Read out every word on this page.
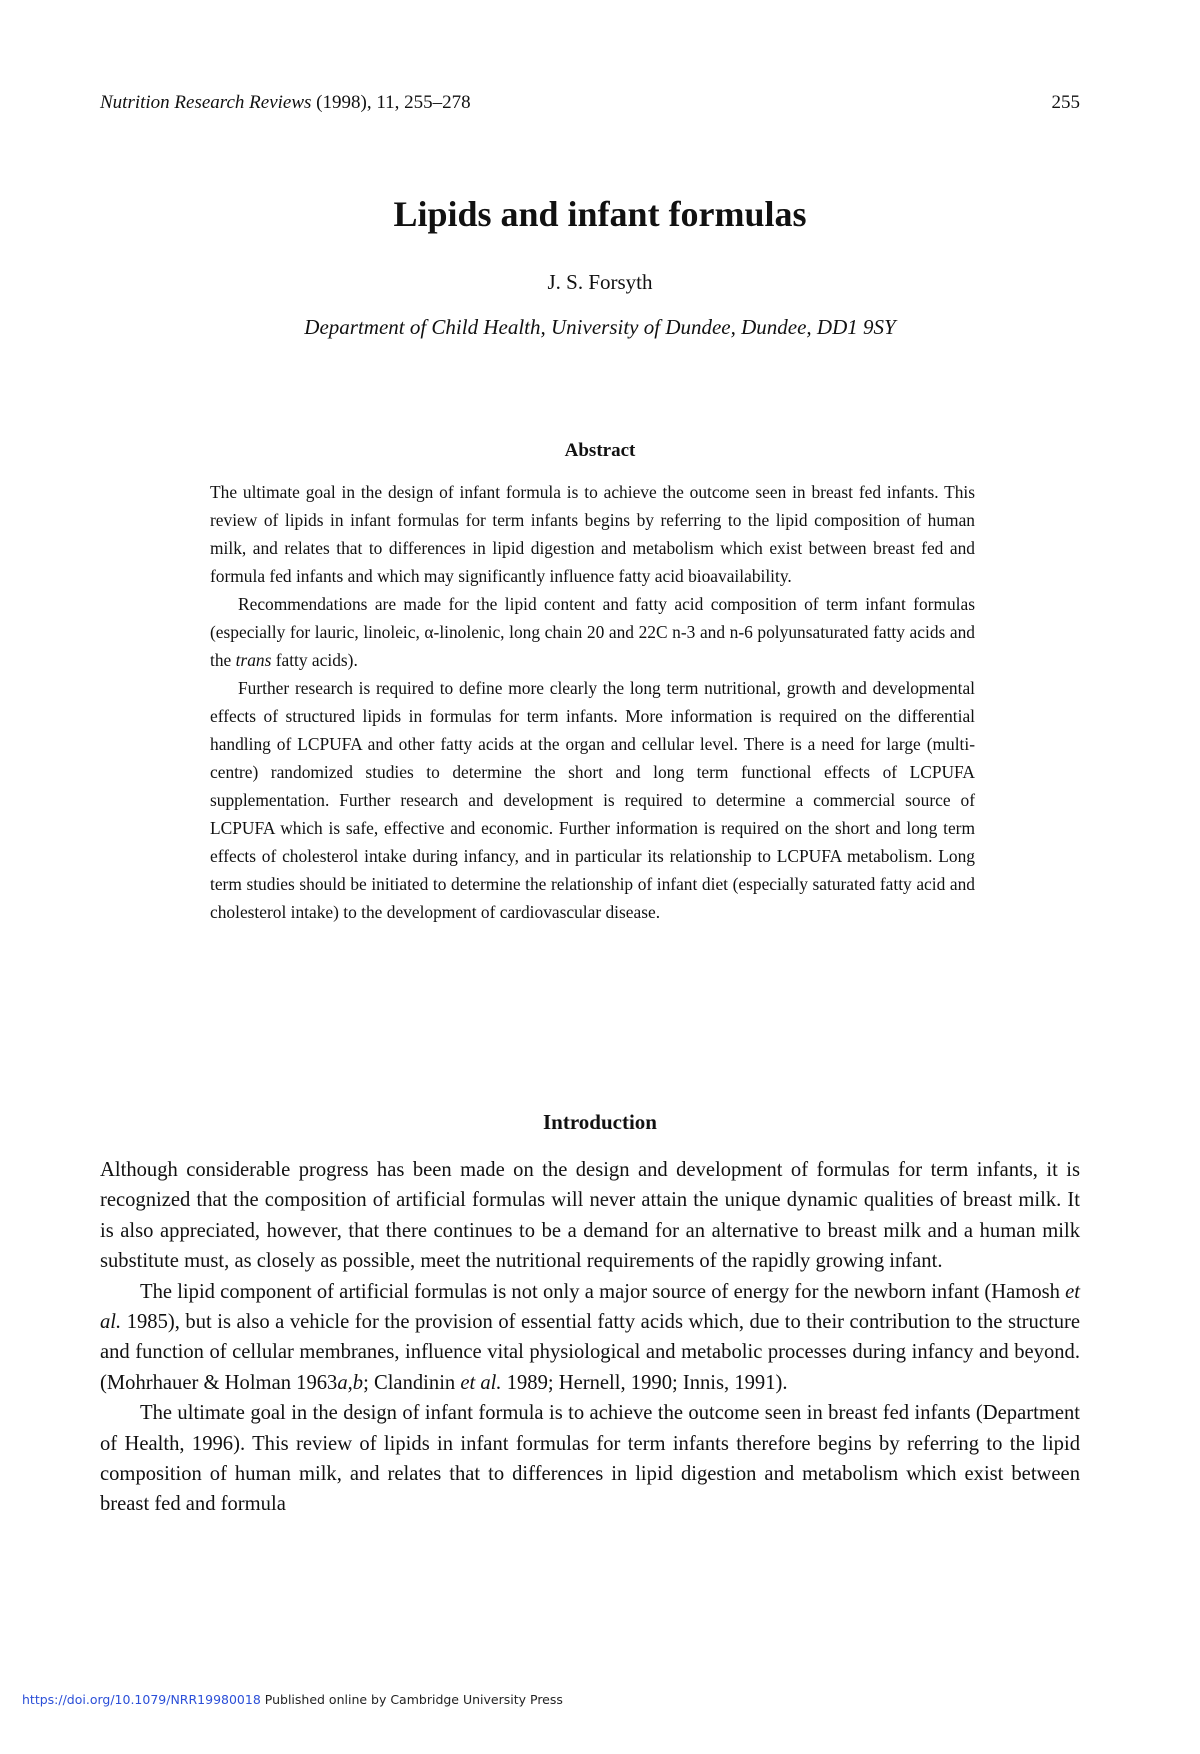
Nutrition Research Reviews (1998), 11, 255–278	255
Lipids and infant formulas
J. S. Forsyth
Department of Child Health, University of Dundee, Dundee, DD1 9SY
Abstract

The ultimate goal in the design of infant formula is to achieve the outcome seen in breast fed infants. This review of lipids in infant formulas for term infants begins by referring to the lipid composition of human milk, and relates that to differences in lipid digestion and metabolism which exist between breast fed and formula fed infants and which may significantly influence fatty acid bioavailability.

Recommendations are made for the lipid content and fatty acid composition of term infant formulas (especially for lauric, linoleic, α-linolenic, long chain 20 and 22C n-3 and n-6 polyunsaturated fatty acids and the trans fatty acids).

Further research is required to define more clearly the long term nutritional, growth and developmental effects of structured lipids in formulas for term infants. More information is required on the differential handling of LCPUFA and other fatty acids at the organ and cellular level. There is a need for large (multi-centre) randomized studies to determine the short and long term functional effects of LCPUFA supplementation. Further research and development is required to determine a commercial source of LCPUFA which is safe, effective and economic. Further information is required on the short and long term effects of cholesterol intake during infancy, and in particular its relationship to LCPUFA metabolism. Long term studies should be initiated to determine the relationship of infant diet (especially saturated fatty acid and cholesterol intake) to the development of cardiovascular disease.

Introduction

Although considerable progress has been made on the design and development of formulas for term infants, it is recognized that the composition of artificial formulas will never attain the unique dynamic qualities of breast milk. It is also appreciated, however, that there continues to be a demand for an alternative to breast milk and a human milk substitute must, as closely as possible, meet the nutritional requirements of the rapidly growing infant.

The lipid component of artificial formulas is not only a major source of energy for the newborn infant (Hamosh et al. 1985), but is also a vehicle for the provision of essential fatty acids which, due to their contribution to the structure and function of cellular membranes, influence vital physiological and metabolic processes during infancy and beyond. (Mohrhauer & Holman 1963a,b; Clandinin et al. 1989; Hernell, 1990; Innis, 1991).

The ultimate goal in the design of infant formula is to achieve the outcome seen in breast fed infants (Department of Health, 1996). This review of lipids in infant formulas for term infants therefore begins by referring to the lipid composition of human milk, and relates that to differences in lipid digestion and metabolism which exist between breast fed and formula

https://doi.org/10.1079/NRR19980018 Published online by Cambridge University Press
